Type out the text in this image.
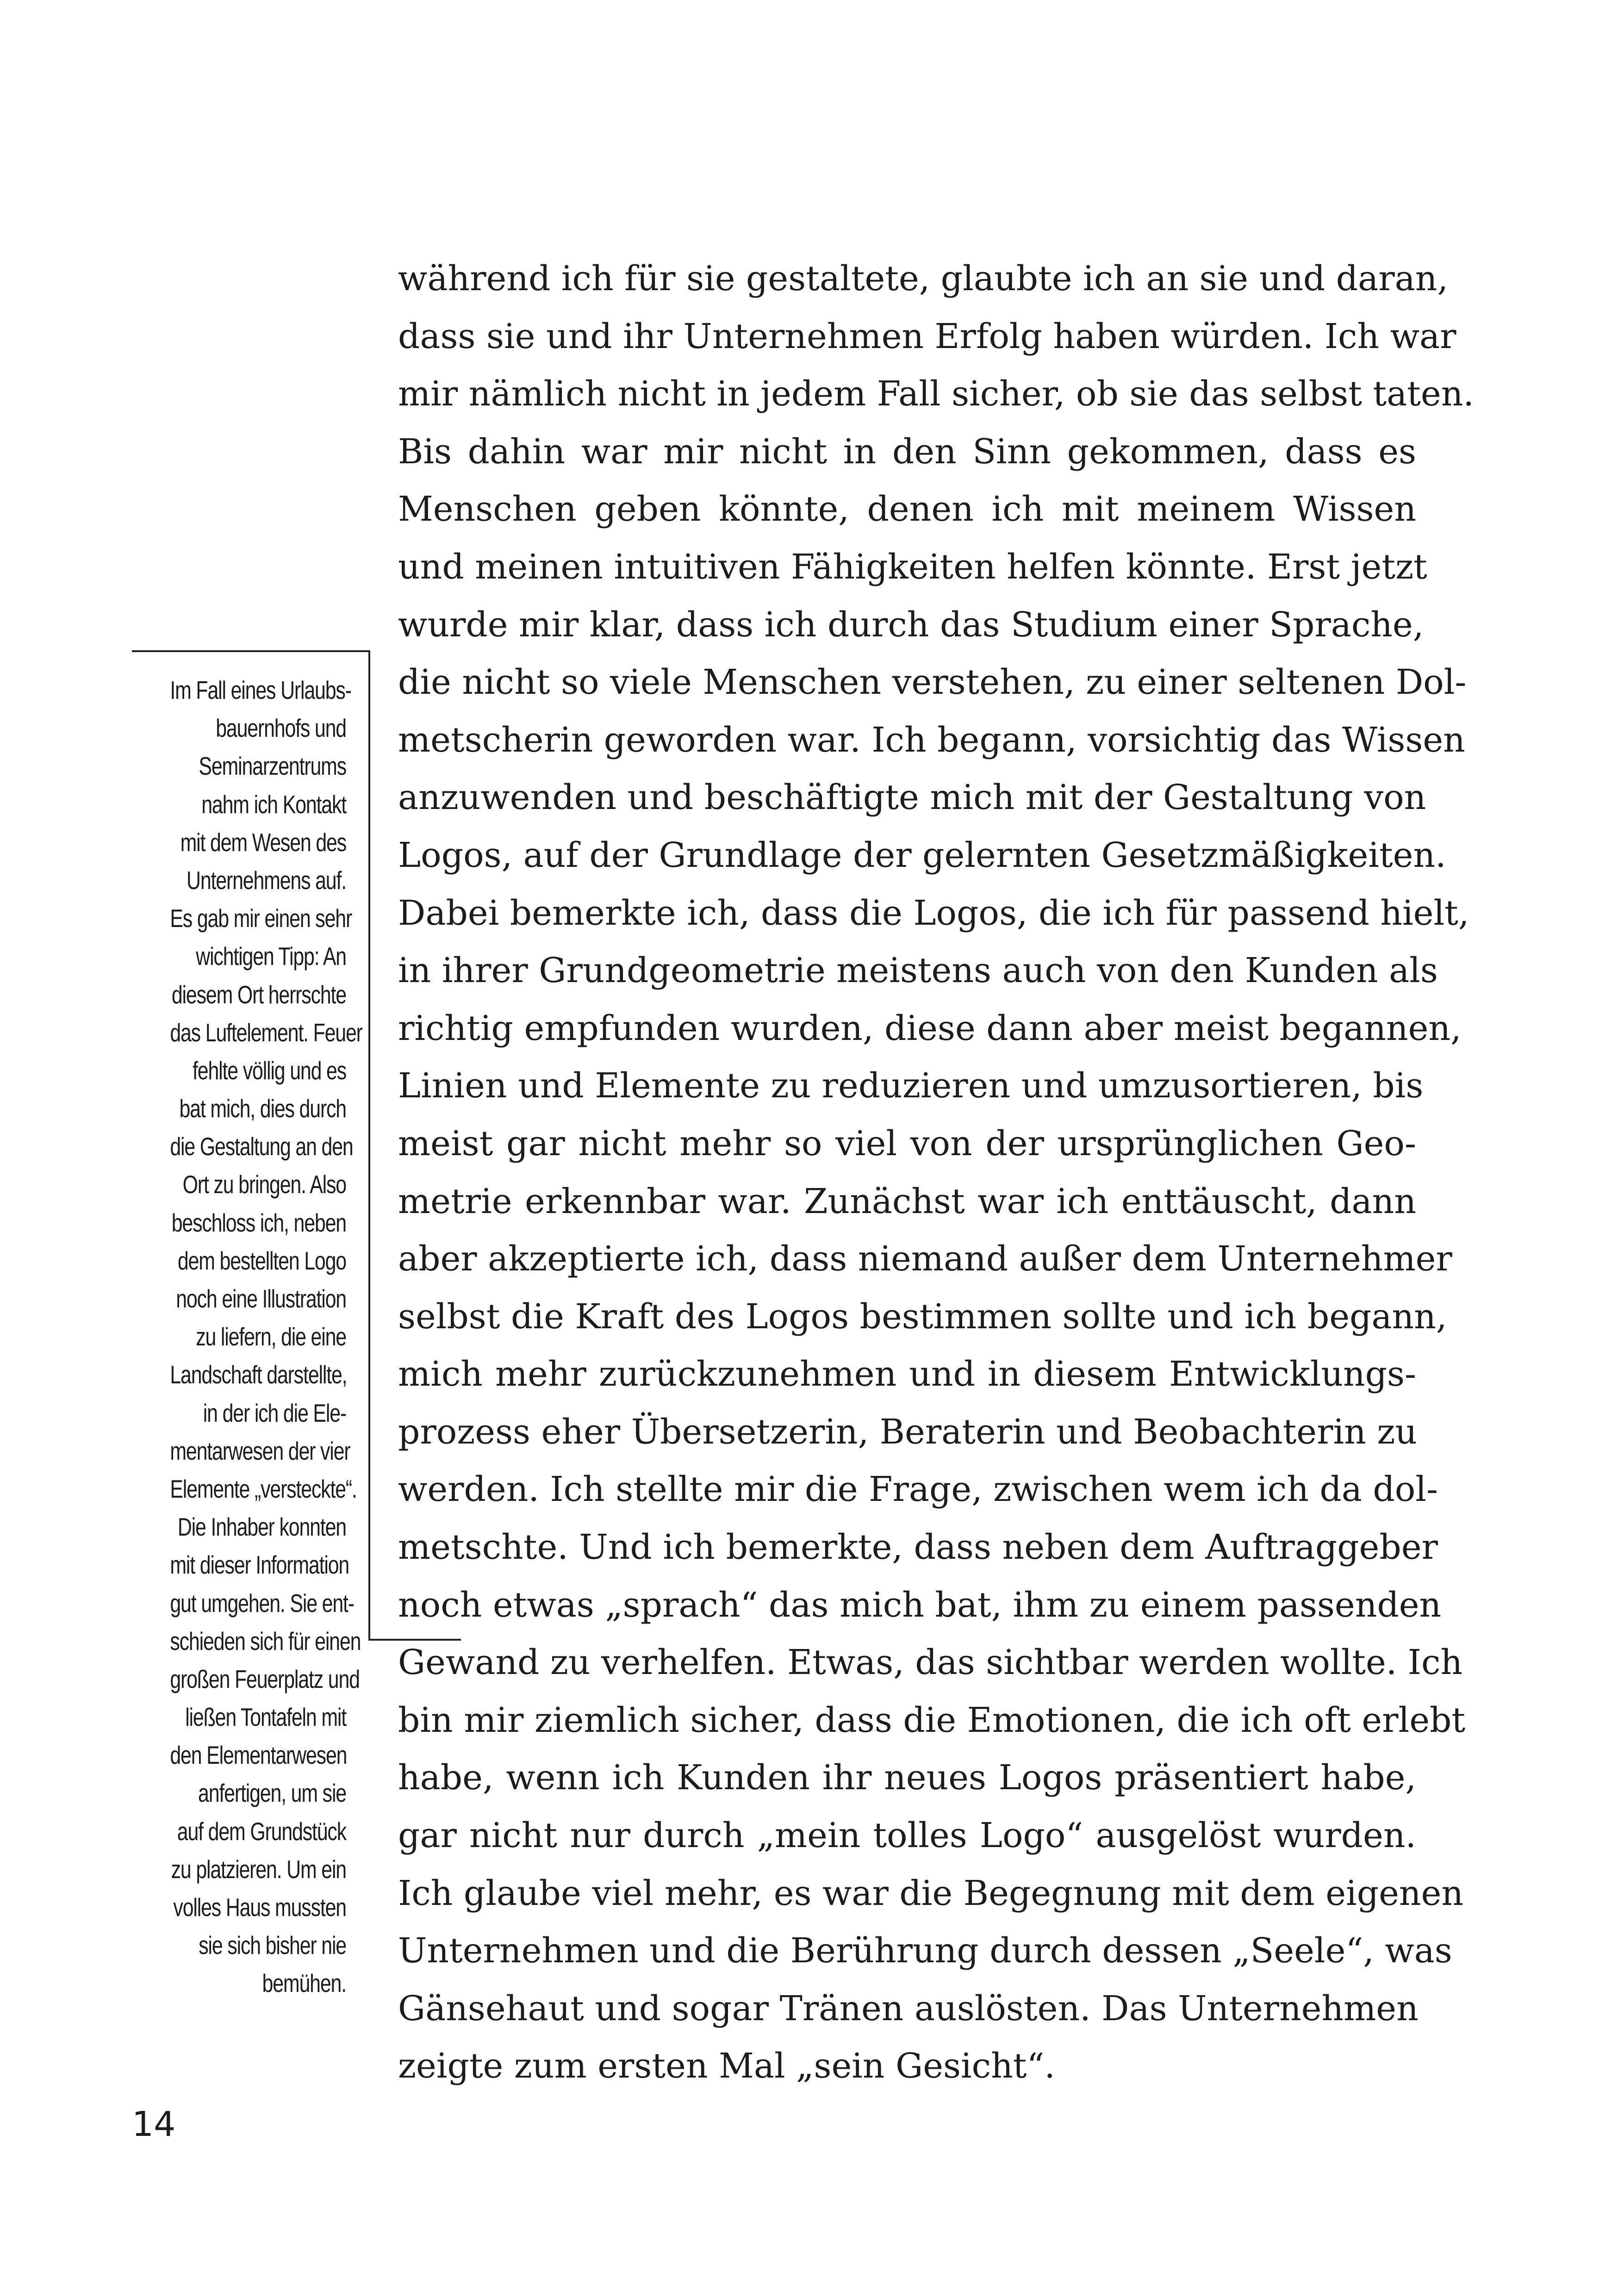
Im Fall eines Urlaubs-
bauernhofs und
Seminarzentrums
nahm ich Kontakt
mit dem Wesen des
Unternehmens auf.
Es gab mir einen sehr
wichtigen Tipp: An
diesem Ort herrschte
das Luftelement. Feuer
fehlte völlig und es
bat mich, dies durch
die Gestaltung an den
Ort zu bringen. Also
beschloss ich, neben
dem bestellten Logo
noch eine Illustration
zu liefern, die eine
Landschaft darstellte,
in der ich die Ele-
mentarwesen der vier
Elemente „versteckte“.
Die Inhaber konnten
mit dieser Information
gut umgehen. Sie ent-
schieden sich für einen
großen Feuerplatz und
ließen Tontafeln mit
den Elementarwesen
anfertigen, um sie
auf dem Grundstück
zu platzieren. Um ein
volles Haus mussten
sie sich bisher nie
bemühen.
während ich für sie gestaltete, glaubte ich an sie und daran,
dass sie und ihr Unternehmen Erfolg haben würden. Ich war
mir nämlich nicht in jedem Fall sicher, ob sie das selbst taten.
Bis dahin war mir nicht in den Sinn gekommen, dass es
Menschen geben könnte, denen ich mit meinem Wissen
und meinen intuitiven Fähigkeiten helfen könnte. Erst jetzt
wurde mir klar, dass ich durch das Studium einer Sprache,
die nicht so viele Menschen verstehen, zu einer seltenen Dol-
metscherin geworden war. Ich begann, vorsichtig das Wissen
anzuwenden und beschäftigte mich mit der Gestaltung von
Logos, auf der Grundlage der gelernten Gesetzmäßigkeiten.
Dabei bemerkte ich, dass die Logos, die ich für passend hielt,
in ihrer Grundgeometrie meistens auch von den Kunden als
richtig empfunden wurden, diese dann aber meist begannen,
Linien und Elemente zu reduzieren und umzusortieren, bis
meist gar nicht mehr so viel von der ursprünglichen Geo-
metrie erkennbar war. Zunächst war ich enttäuscht, dann
aber akzeptierte ich, dass niemand außer dem Unternehmer
selbst die Kraft des Logos bestimmen sollte und ich begann,
mich mehr zurückzunehmen und in diesem Entwicklungs-
prozess eher Übersetzerin, Beraterin und Beobachterin zu
werden. Ich stellte mir die Frage, zwischen wem ich da dol-
metschte. Und ich bemerkte, dass neben dem Auftraggeber
noch etwas „sprach“ das mich bat, ihm zu einem passenden
Gewand zu verhelfen. Etwas, das sichtbar werden wollte. Ich
bin mir ziemlich sicher, dass die Emotionen, die ich oft erlebt
habe, wenn ich Kunden ihr neues Logos präsentiert habe,
gar nicht nur durch „mein tolles Logo“ ausgelöst wurden.
Ich glaube viel mehr, es war die Begegnung mit dem eigenen
Unternehmen und die Berührung durch dessen „Seele“, was
Gänsehaut und sogar Tränen auslösten. Das Unternehmen
zeigte zum ersten Mal „sein Gesicht“.
14
